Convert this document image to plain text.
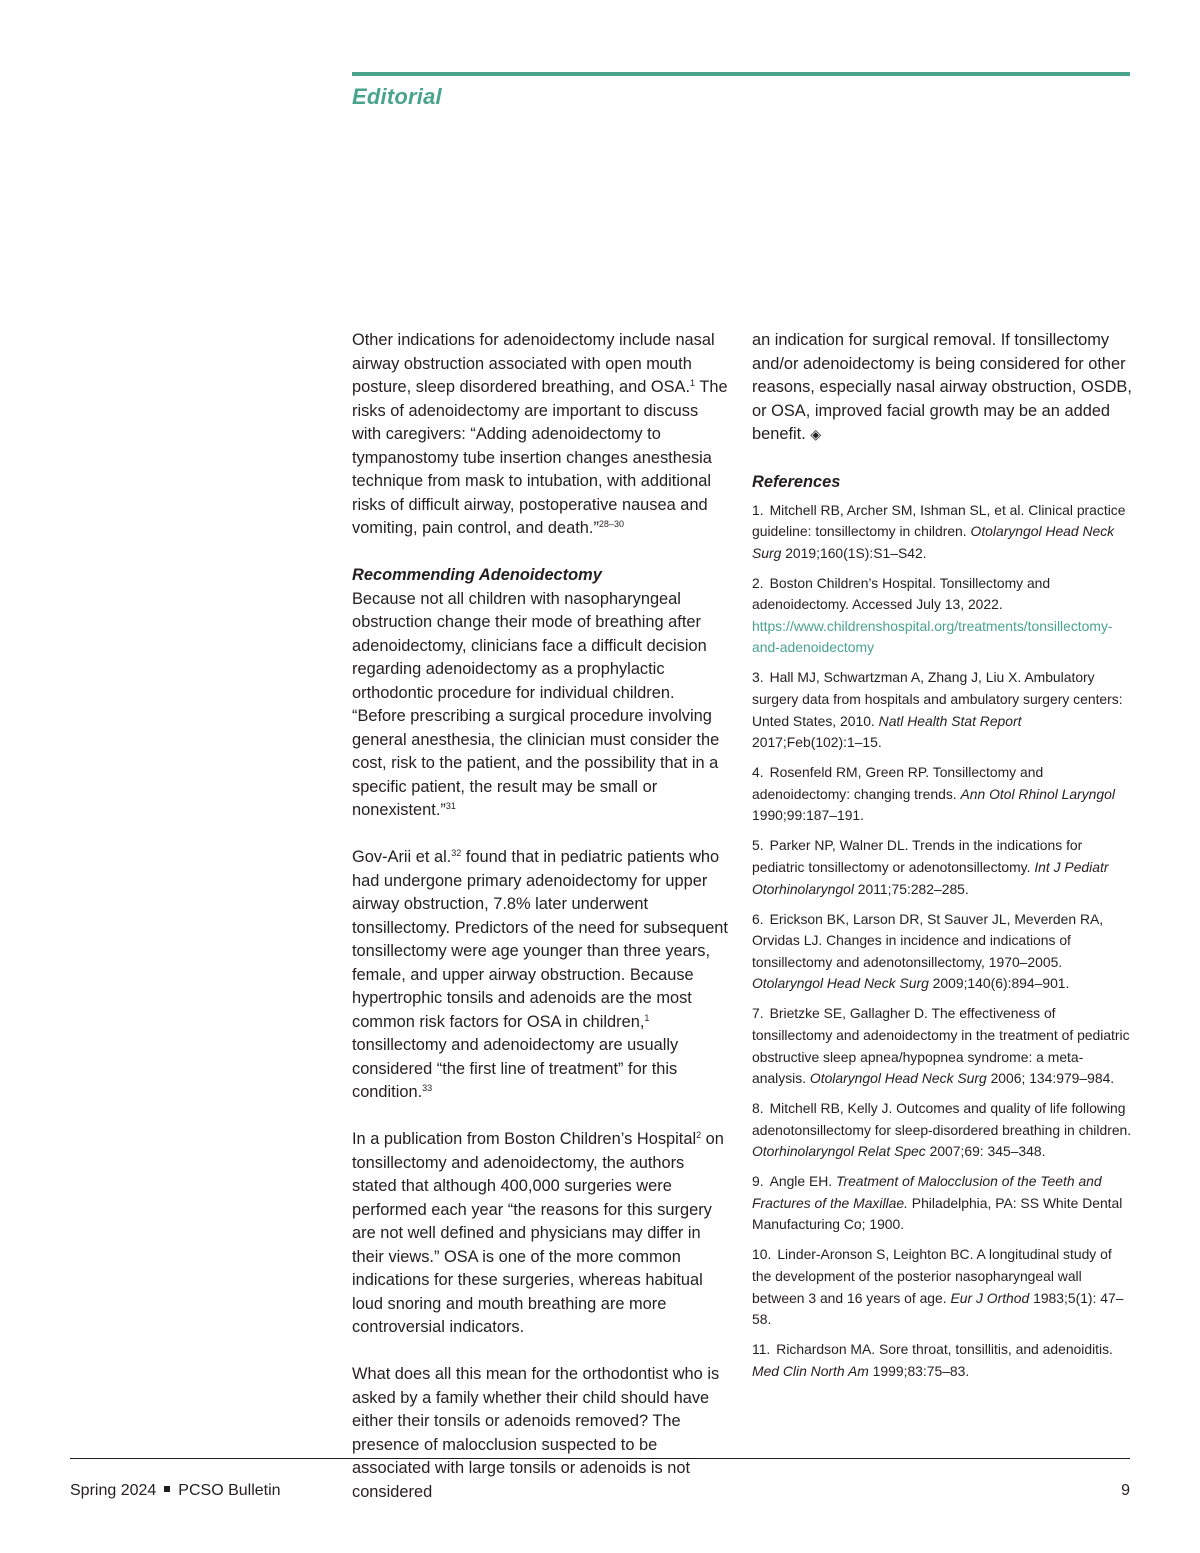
Editorial

Other indications for adenoidectomy include nasal airway obstruction associated with open mouth posture, sleep disordered breathing, and OSA.$^1$ The risks of adenoidectomy are important to discuss with caregivers: “Adding adenoidectomy to tympanostomy tube insertion changes anesthesia technique from mask to intubation, with additional risks of difficult airway, postoperative nausea and vomiting, pain control, and death.”$^{28-30}$

Recommending Adenoidectomy

Because not all children with nasopharyngeal obstruction change their mode of breathing after adenoidectomy, clinicians face a difficult decision regarding adenoidectomy as a prophylactic orthodontic procedure for individual children. “Before prescribing a surgical procedure involving general anesthesia, the clinician must consider the cost, risk to the patient, and the possibility that in a specific patient, the result may be small or nonexistent.”$^{31}$

Gov-Arii et al.$^{32}$ found that in pediatric patients who had undergone primary adenoidectomy for upper airway obstruction, 7.8% later underwent tonsillectomy. Predictors of the need for subsequent tonsillectomy were age younger than three years, female, and upper airway obstruction. Because hypertrophic tonsils and adenoids are the most common risk factors for OSA in children,$^1$ tonsillectomy and adenoidectomy are usually considered “the first line of treatment” for this condition.$^{33}$

In a publication from Boston Children’s Hospital$^2$ on tonsillectomy and adenoidectomy, the authors stated that although 400,000 surgeries were performed each year “the reasons for this surgery are not well defined and physicians may differ in their views.” OSA is one of the more common indications for these surgeries, whereas habitual loud snoring and mouth breathing are more controversial indicators.

What does all this mean for the orthodontist who is asked by a family whether their child should have either their tonsils or adenoids removed? The presence of malocclusion suspected to be associated with large tonsils or adenoids is not considered

an indication for surgical removal. If tonsillectomy and/or adenoidectomy is being considered for other reasons, especially nasal airway obstruction, OSDB, or OSA, improved facial growth may be an added benefit. ◈

References

1. Mitchell RB, Archer SM, Ishman SL, et al. Clinical practice guideline: tonsillectomy in children. Otolaryngol Head Neck Surg 2019;160(1S):S1–S42.

2. Boston Children’s Hospital. Tonsillectomy and adenoidectomy. Accessed July 13, 2022. https://www.childrenshospital.org/treatments/tonsillectomy-and-adenoidectomy

3. Hall MJ, Schwartzman A, Zhang J, Liu X. Ambulatory surgery data from hospitals and ambulatory surgery centers: Unted States, 2010. Natl Health Stat Report 2017;Feb(102):1–15.

4. Rosenfeld RM, Green RP. Tonsillectomy and adenoidectomy: changing trends. Ann Otol Rhinol Laryngol 1990;99:187–191.

5. Parker NP, Walner DL. Trends in the indications for pediatric tonsillectomy or adenotonsillectomy. Int J Pediatr Otorhinolaryngol 2011;75:282–285.

6. Erickson BK, Larson DR, St Sauver JL, Meverden RA, Orvidas LJ. Changes in incidence and indications of tonsillectomy and adenotonsillectomy, 1970–2005. Otolaryngol Head Neck Surg 2009;140(6):894–901.

7. Brietzke SE, Gallagher D. The effectiveness of tonsillectomy and adenoidectomy in the treatment of pediatric obstructive sleep apnea/hypopnea syndrome: a meta-analysis. Otolaryngol Head Neck Surg 2006; 134:979–984.

8. Mitchell RB, Kelly J. Outcomes and quality of life following adenotonsillectomy for sleep-disordered breathing in children. Otorhinolaryngol Relat Spec 2007;69: 345–348.

9. Angle EH. Treatment of Malocclusion of the Teeth and Fractures of the Maxillae. Philadelphia, PA: SS White Dental Manufacturing Co; 1900.

10. Linder-Aronson S, Leighton BC. A longitudinal study of the development of the posterior nasopharyngeal wall between 3 and 16 years of age. Eur J Orthod 1983;5(1): 47–58.

11. Richardson MA. Sore throat, tonsillitis, and adenoiditis. Med Clin North Am 1999;83:75–83.

Spring 2024 PCSO Bulletin	9
